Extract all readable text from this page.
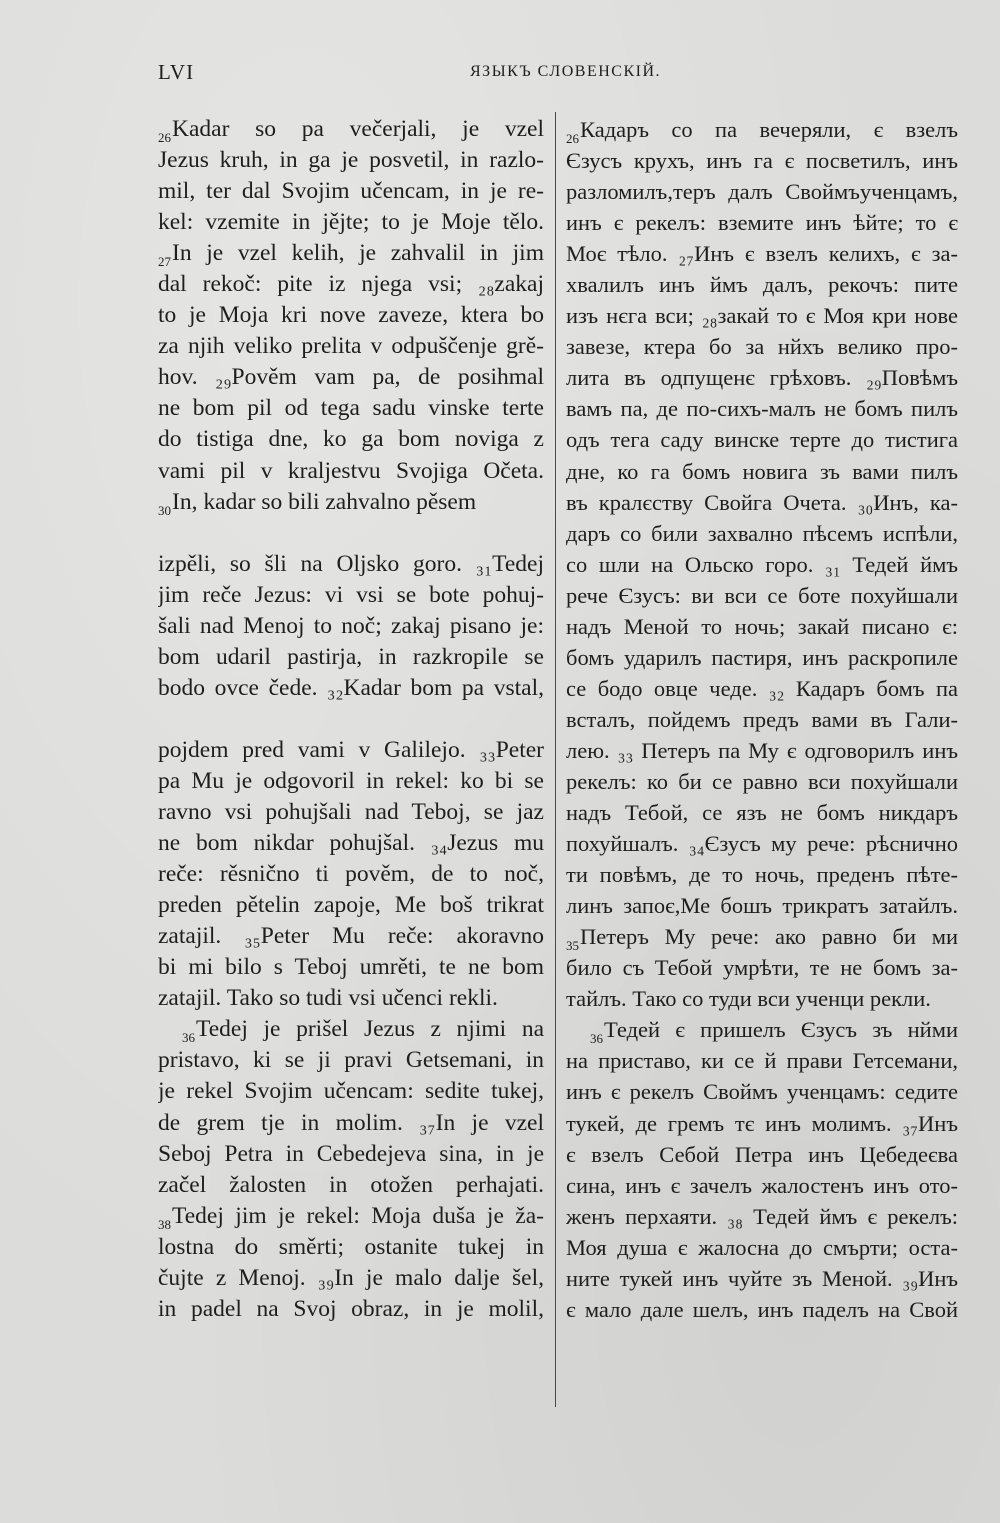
LVI	ЯЗЫКЪ СЛОВЕНСКІЙ.
$_{26}$Kadar so pa večerjali, je vzel
Jezus kruh, in ga je posvetil, in razlo-
mil, ter dal Svojim učencam, in je re-
kel: vzemite in jějte; to je Moje tělo.
$_{27}$In je vzel kelih, je zahvalil in jim
dal rekoč: pite iz njega vsi; ₂₈zakaj
to je Moja kri nove zaveze, ktera bo
za njih veliko prelita v odpuščenje grě-
hov. ₂₉Pověm vam pa, de posihmal
ne bom pil od tega sadu vinske terte
do tistiga dne, ko ga bom noviga z
vami pil v kraljestvu Svojiga Očeta.
$_{30}$In, kadar so bili zahvalno pěsem
izpěli, so šli na Oljsko goro. ₃₁Tedej
jim reče Jezus: vi vsi se bote pohuj-
šali nad Menoj to noč; zakaj pisano je:
bom udaril pastirja, in razkropile se
bodo ovce čede. ₃₂Kadar bom pa vstal,
pojdem pred vami v Galilejo. ₃₃Peter
pa Mu je odgovoril in rekel: ko bi se
ravno vsi pohujšali nad Teboj, se jaz
ne bom nikdar pohujšal. ₃₄Jezus mu
reče: rěsnično ti pověm, de to noč,
preden pětelin zapoje, Me boš trikrat
zatajil. ₃₅Peter Mu reče: akoravno
bi mi bilo s Teboj umrěti, te ne bom
zatajil. Tako so tudi vsi učenci rekli.
$_{36}$Tedej je prišel Jezus z njimi na
pristavo, ki se ji pravi Getsemani, in
je rekel Svojim učencam: sedite tukej,
de grem tje in molim. ₃₇In je vzel
Seboj Petra in Cebedejeva sina, in je
začel žalosten in otožen perhajati.
$_{38}$Tedej jim je rekel: Moja duša je ža-
lostna do směrti; ostanite tukej in
čujte z Menoj. ₃₉In je malo dalje šel,
in padel na Svoj obraz, in je molil,
$_{26}$Кадаръ со па вечеряли, є взелъ
Єзусъ крухъ, инъ га є посветилъ, инъ
разломилъ,теръ далъ Своймъученцамъ,
инъ є рекелъ: вземите инъ ѣйте; то є
Моє тѣло. ₂₇Инъ є взелъ келихъ, є за-
хвалилъ инъ ймъ далъ, рекочъ: пите
изъ нєга вси; ₂₈закай то є Моя кри нове
завезе, ктера бо за нйхъ велико про-
лита въ одпущенє грѣховъ. ₂₉Повѣмъ
вамъ па, де по-сихъ-малъ не бомъ пилъ
одъ тега саду винске терте до тистига
дне, ко га бомъ новига зъ вами пилъ
въ кралєству Свойга Очета. ₃₀Инъ, ка-
даръ со били захвално пѣсемъ испѣли,
со шли на Ольско горо. ₃₁ Тедей ймъ
рече Єзусъ: ви вси се боте похуйшали
надъ Меной то ночь; закай писано є:
бомъ ударилъ пастиря, инъ раскропиле
се бодо овце чеде. ₃₂ Кадаръ бомъ па
всталъ, пойдемъ предъ вами въ Гали-
лею. ₃₃ Петеръ па Му є одговорилъ инъ
рекелъ: ко би се равно вси похуйшали
надъ Тебой, се язъ не бомъ никдаръ
похуйшалъ. ₃₄Єзусъ му рече: рѣснично
ти повѣмъ, де то ночь, преденъ пѣте-
линъ запоє,Ме бошъ трикратъ затайлъ.
$_{35}$Петеръ Му рече: ако равно би ми
било съ Тебой умрѣти, те не бомъ за-
тайлъ. Тако со туди вси ученци рекли.
$_{36}$Тедей є пришелъ Єзусъ зъ нйми
на приставо, ки се й прави Гетсемани,
инъ є рекелъ Своймъ ученцамъ: седите
тукей, де гремъ тє инъ молимъ. ₃₇Инъ
є взелъ Себой Петра инъ Цебедеєва
сина, инъ є зачелъ жалостенъ инъ ото-
женъ перхаяти. ₃₈ Тедей ймъ є рекелъ:
Моя душа є жалосна до смърти; оста-
ните тукей инъ чуйте зъ Меной. ₃₉Инъ
є мало дале шелъ, инъ паделъ на Свой
